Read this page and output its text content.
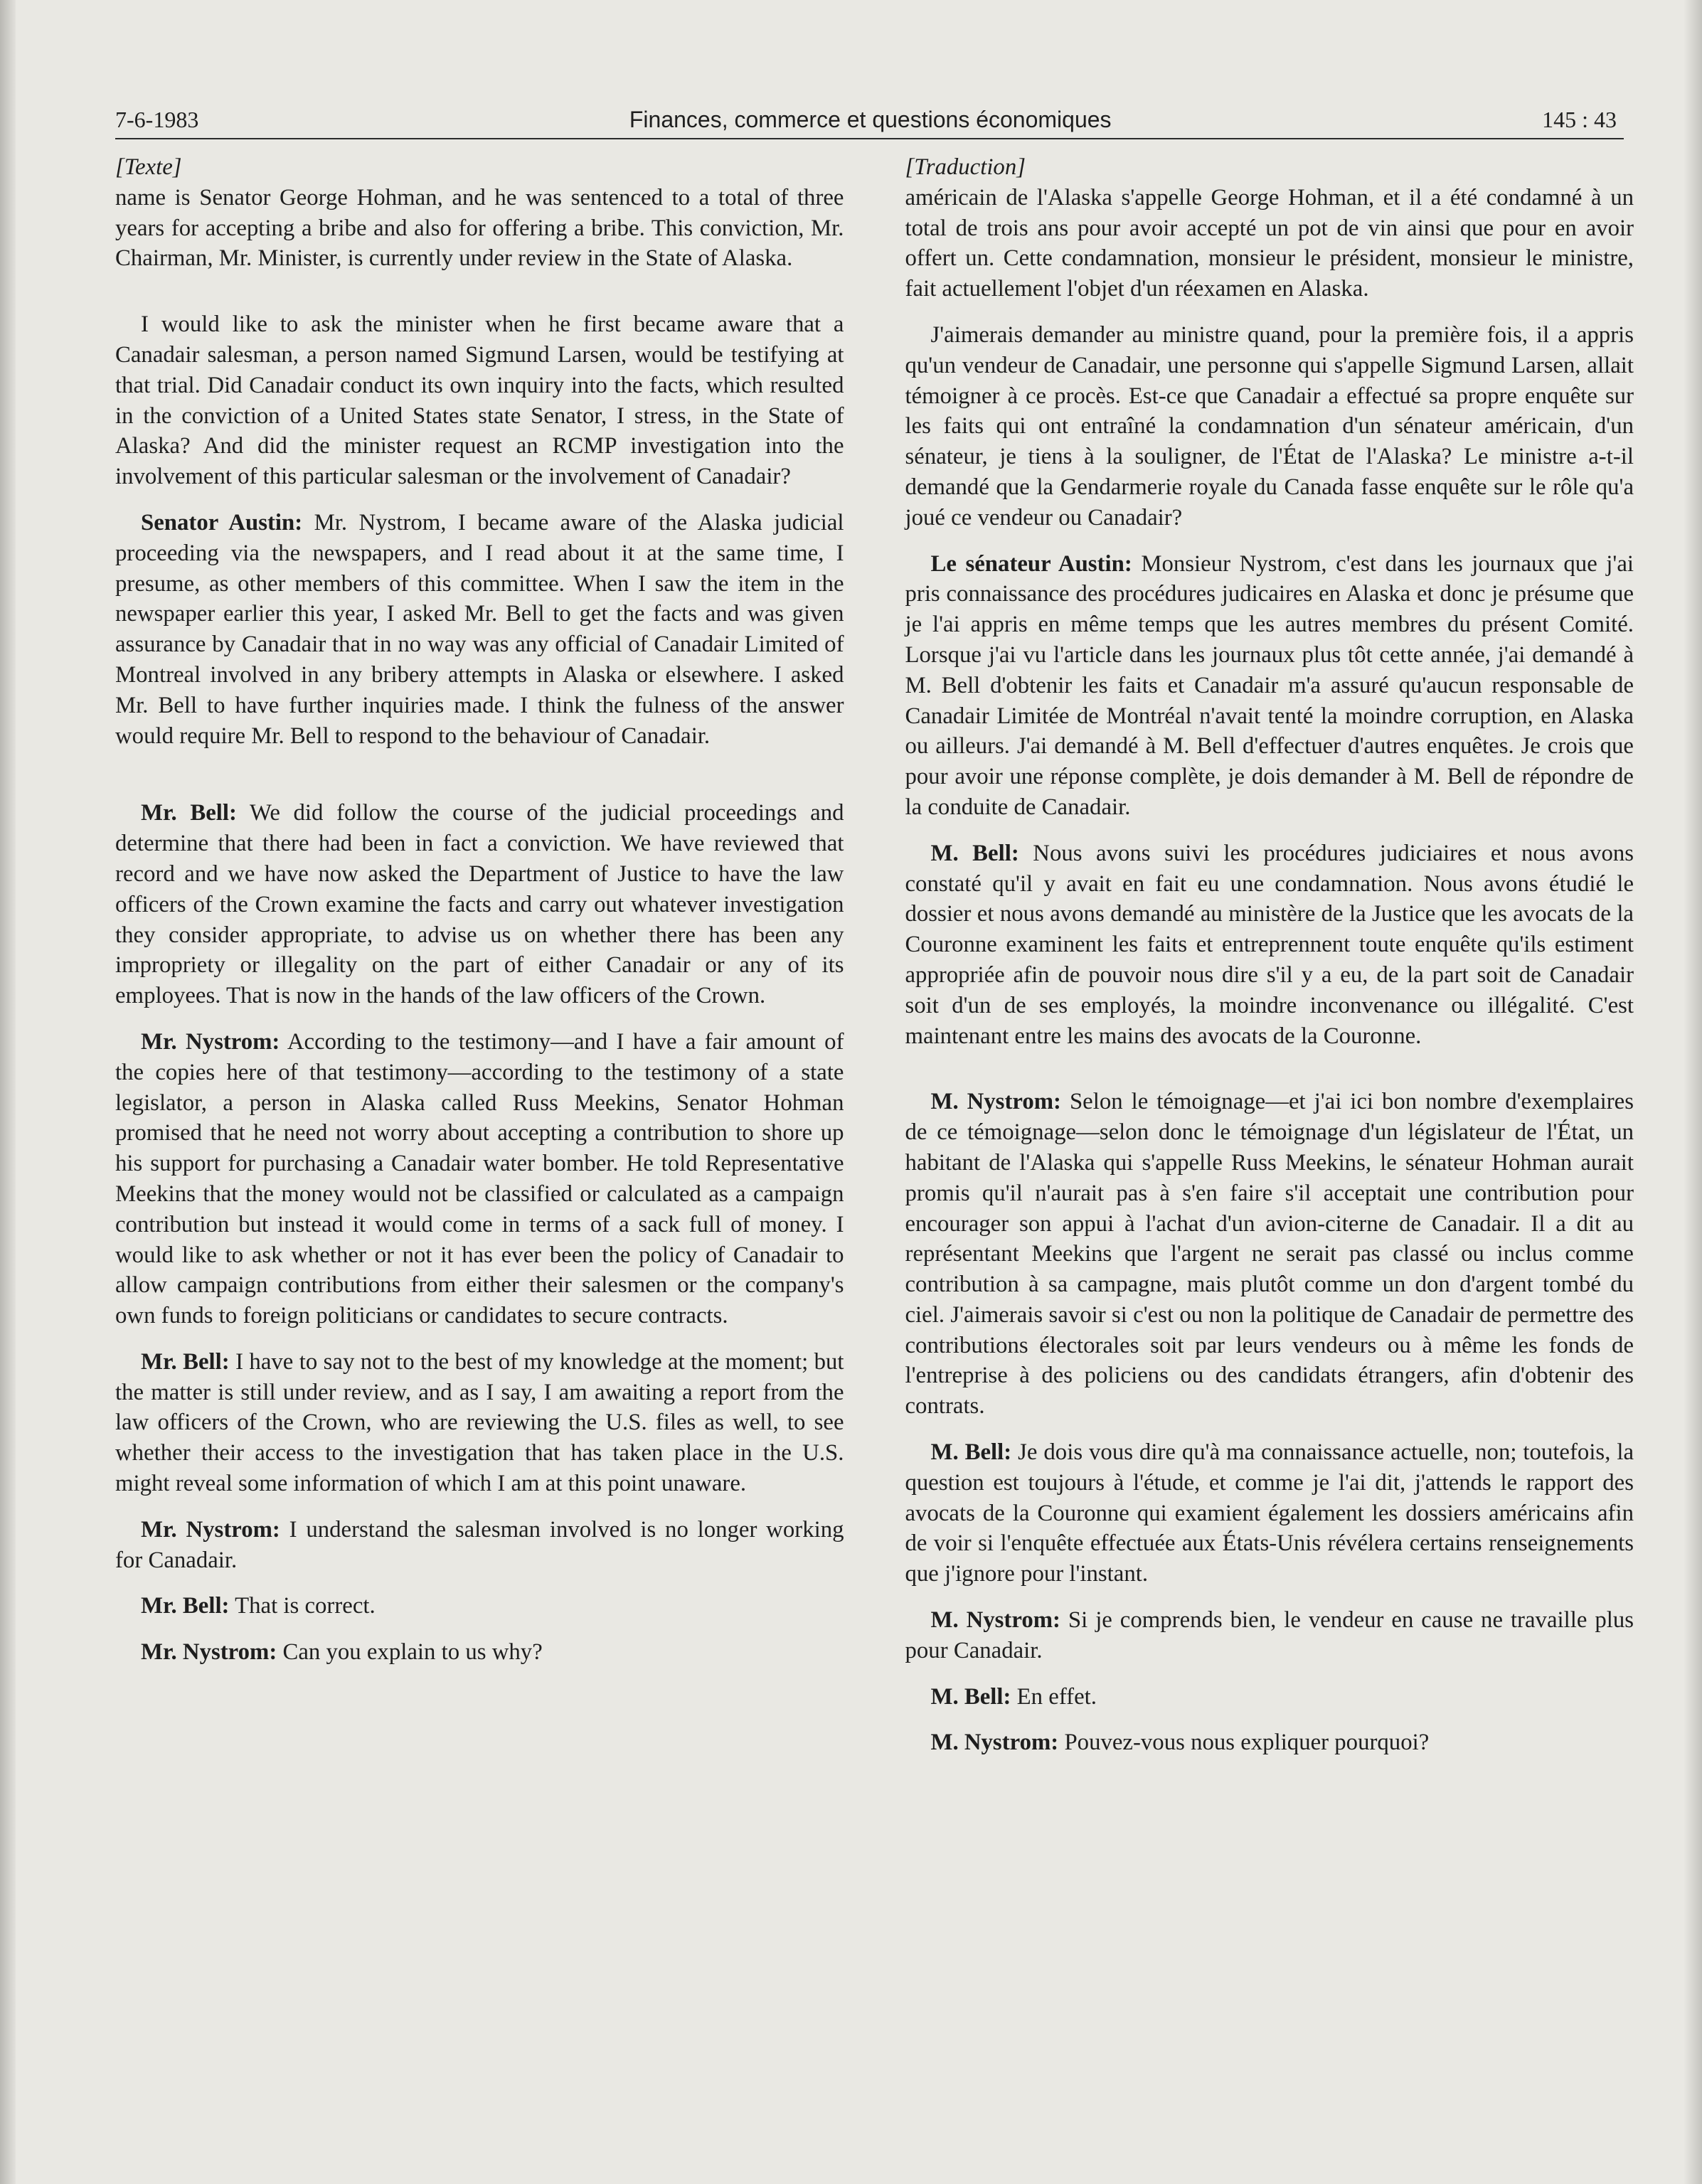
7-6-1983	Finances, commerce et questions économiques	145 : 43

[Texte]

name is Senator George Hohman, and he was sentenced to a total of three years for accepting a bribe and also for offering a bribe. This conviction, Mr. Chairman, Mr. Minister, is currently under review in the State of Alaska.

I would like to ask the minister when he first became aware that a Canadair salesman, a person named Sigmund Larsen, would be testifying at that trial. Did Canadair conduct its own inquiry into the facts, which resulted in the conviction of a United States state Senator, I stress, in the State of Alaska? And did the minister request an RCMP investigation into the involvement of this particular salesman or the involvement of Canadair?

Senator Austin: Mr. Nystrom, I became aware of the Alaska judicial proceeding via the newspapers, and I read about it at the same time, I presume, as other members of this committee. When I saw the item in the newspaper earlier this year, I asked Mr. Bell to get the facts and was given assurance by Canadair that in no way was any official of Canadair Limited of Montreal involved in any bribery attempts in Alaska or elsewhere. I asked Mr. Bell to have further inquiries made. I think the fulness of the answer would require Mr. Bell to respond to the behaviour of Canadair.

Mr. Bell: We did follow the course of the judicial proceedings and determine that there had been in fact a conviction. We have reviewed that record and we have now asked the Department of Justice to have the law officers of the Crown examine the facts and carry out whatever investigation they consider appropriate, to advise us on whether there has been any impropriety or illegality on the part of either Canadair or any of its employees. That is now in the hands of the law officers of the Crown.

Mr. Nystrom: According to the testimony—and I have a fair amount of the copies here of that testimony—according to the testimony of a state legislator, a person in Alaska called Russ Meekins, Senator Hohman promised that he need not worry about accepting a contribution to shore up his support for purchasing a Canadair water bomber. He told Representative Meekins that the money would not be classified or calculated as a campaign contribution but instead it would come in terms of a sack full of money. I would like to ask whether or not it has ever been the policy of Canadair to allow campaign contributions from either their salesmen or the company's own funds to foreign politicians or candidates to secure contracts.

Mr. Bell: I have to say not to the best of my knowledge at the moment; but the matter is still under review, and as I say, I am awaiting a report from the law officers of the Crown, who are reviewing the U.S. files as well, to see whether their access to the investigation that has taken place in the U.S. might reveal some information of which I am at this point unaware.

Mr. Nystrom: I understand the salesman involved is no longer working for Canadair.

Mr. Bell: That is correct.

Mr. Nystrom: Can you explain to us why?

[Traduction]

américain de l'Alaska s'appelle George Hohman, et il a été condamné à un total de trois ans pour avoir accepté un pot de vin ainsi que pour en avoir offert un. Cette condamnation, monsieur le président, monsieur le ministre, fait actuellement l'objet d'un réexamen en Alaska.

J'aimerais demander au ministre quand, pour la première fois, il a appris qu'un vendeur de Canadair, une personne qui s'appelle Sigmund Larsen, allait témoigner à ce procès. Est-ce que Canadair a effectué sa propre enquête sur les faits qui ont entraîné la condamnation d'un sénateur américain, d'un sénateur, je tiens à la souligner, de l'État de l'Alaska? Le ministre a-t-il demandé que la Gendarmerie royale du Canada fasse enquête sur le rôle qu'a joué ce vendeur ou Canadair?

Le sénateur Austin: Monsieur Nystrom, c'est dans les journaux que j'ai pris connaissance des procédures judicaires en Alaska et donc je présume que je l'ai appris en même temps que les autres membres du présent Comité. Lorsque j'ai vu l'article dans les journaux plus tôt cette année, j'ai demandé à M. Bell d'obtenir les faits et Canadair m'a assuré qu'aucun responsable de Canadair Limitée de Montréal n'avait tenté la moindre corruption, en Alaska ou ailleurs. J'ai demandé à M. Bell d'effectuer d'autres enquêtes. Je crois que pour avoir une réponse complète, je dois demander à M. Bell de répondre de la conduite de Canadair.

M. Bell: Nous avons suivi les procédures judiciaires et nous avons constaté qu'il y avait en fait eu une condamnation. Nous avons étudié le dossier et nous avons demandé au ministère de la Justice que les avocats de la Couronne examinent les faits et entreprennent toute enquête qu'ils estiment appropriée afin de pouvoir nous dire s'il y a eu, de la part soit de Canadair soit d'un de ses employés, la moindre inconvenance ou illégalité. C'est maintenant entre les mains des avocats de la Couronne.

M. Nystrom: Selon le témoignage—et j'ai ici bon nombre d'exemplaires de ce témoignage—selon donc le témoignage d'un législateur de l'État, un habitant de l'Alaska qui s'appelle Russ Meekins, le sénateur Hohman aurait promis qu'il n'aurait pas à s'en faire s'il acceptait une contribution pour encourager son appui à l'achat d'un avion-citerne de Canadair. Il a dit au représentant Meekins que l'argent ne serait pas classé ou inclus comme contribution à sa campagne, mais plutôt comme un don d'argent tombé du ciel. J'aimerais savoir si c'est ou non la politique de Canadair de permettre des contributions électorales soit par leurs vendeurs ou à même les fonds de l'entreprise à des policiens ou des candidats étrangers, afin d'obtenir des contrats.

M. Bell: Je dois vous dire qu'à ma connaissance actuelle, non; toutefois, la question est toujours à l'étude, et comme je l'ai dit, j'attends le rapport des avocats de la Couronne qui examient également les dossiers américains afin de voir si l'enquête effectuée aux États-Unis révélera certains renseignements que j'ignore pour l'instant.

M. Nystrom: Si je comprends bien, le vendeur en cause ne travaille plus pour Canadair.

M. Bell: En effet.

M. Nystrom: Pouvez-vous nous expliquer pourquoi?
